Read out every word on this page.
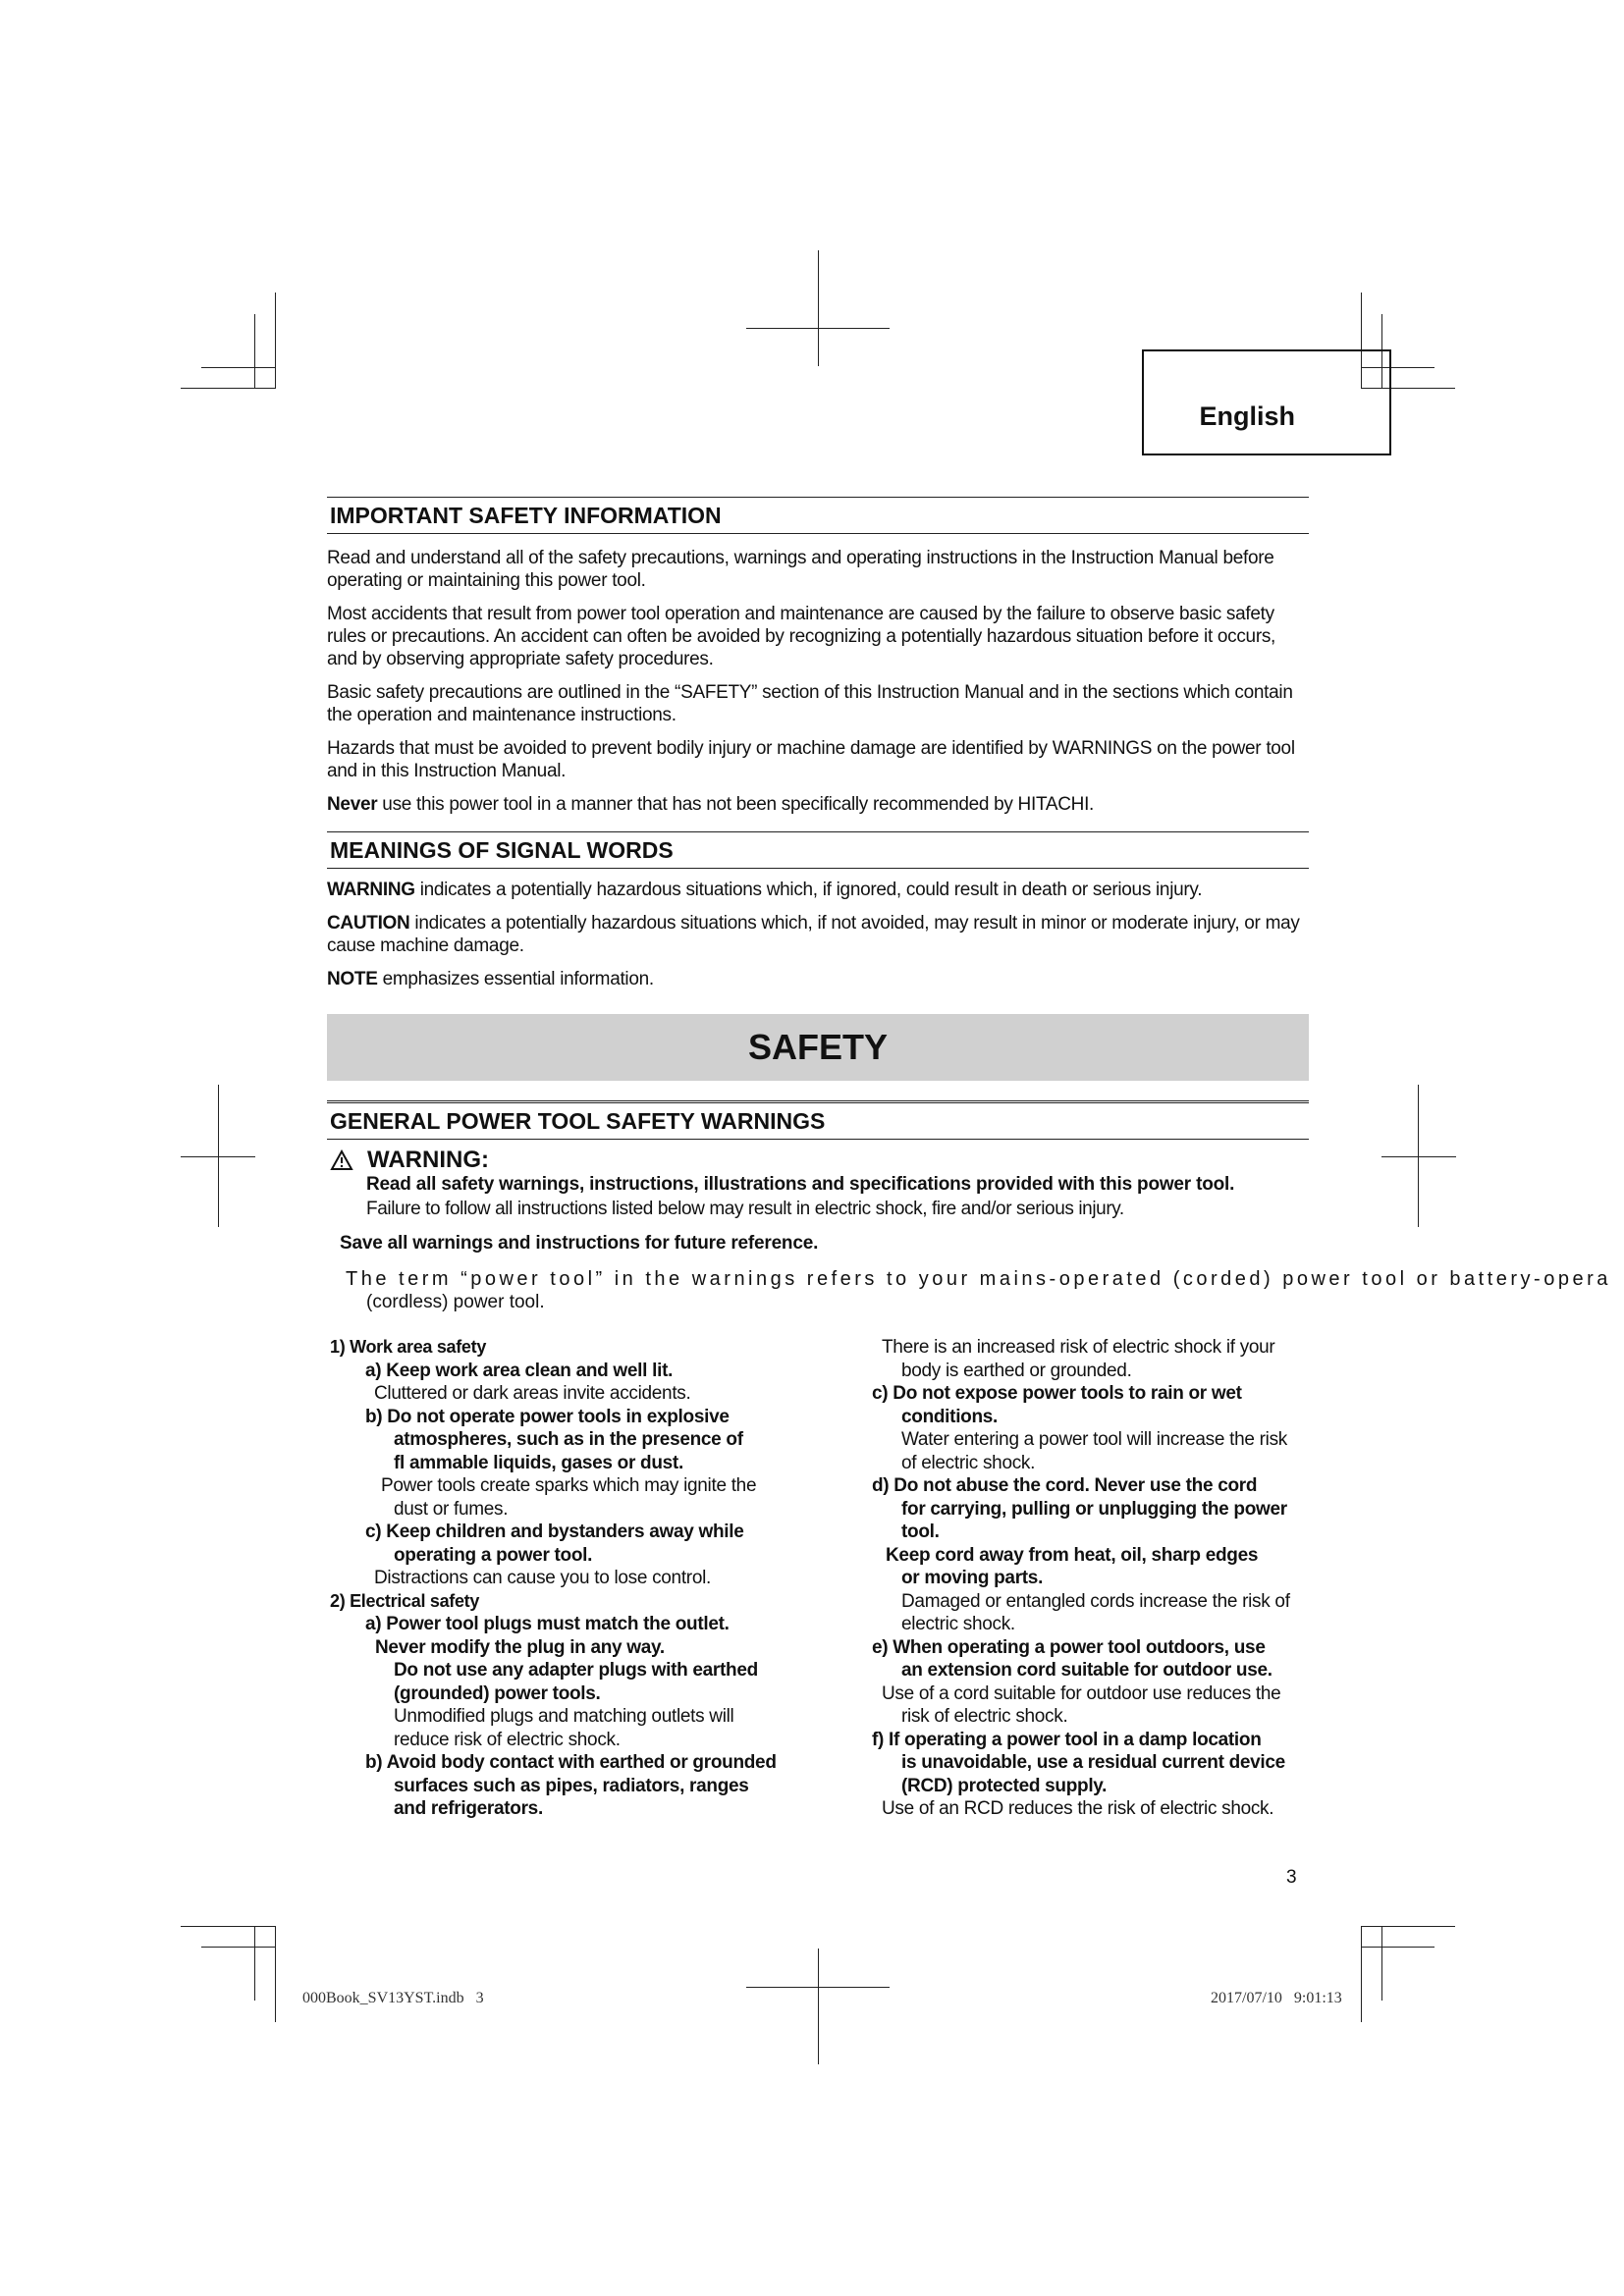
English
IMPORTANT SAFETY INFORMATION

Read and understand all of the safety precautions, warnings and operating instructions in the Instruction Manual before operating or maintaining this power tool.

Most accidents that result from power tool operation and maintenance are caused by the failure to observe basic safety rules or precautions. An accident can often be avoided by recognizing a potentially hazardous situation before it occurs, and by observing appropriate safety procedures.

Basic safety precautions are outlined in the “SAFETY” section of this Instruction Manual and in the sections which contain the operation and maintenance instructions.

Hazards that must be avoided to prevent bodily injury or machine damage are identified by WARNINGS on the power tool and in this Instruction Manual.

Never use this power tool in a manner that has not been specifically recommended by HITACHI.

MEANINGS OF SIGNAL WORDS

WARNING indicates a potentially hazardous situations which, if ignored, could result in death or serious injury.

CAUTION indicates a potentially hazardous situations which, if not avoided, may result in minor or moderate injury, or may cause machine damage.

NOTE emphasizes essential information.

SAFETY
GENERAL POWER TOOL SAFETY WARNINGS
WARNING:
Read all safety warnings, instructions, illustrations and specifications provided with this power tool.
Failure to follow all instructions listed below may result in electric shock, fire and/or serious injury.
Save all warnings and instructions for future reference.
The term “power tool” in the warnings refers to your mains-operated (corded) power tool or battery-opera
(cordless) power tool.
1) Work area safety
a) Keep work area clean and well lit.
Cluttered or dark areas invite accidents.
b) Do not operate power tools in explosive
atmospheres, such as in the presence of
fl ammable liquids, gases or dust.
Power tools create sparks which may ignite the
dust or fumes.
c) Keep children and bystanders away while
operating a power tool.
Distractions can cause you to lose control.
2) Electrical safety
a) Power tool plugs must match the outlet.
Never modify the plug in any way.
Do not use any adapter plugs with earthed
(grounded) power tools.
Unmodified plugs and matching outlets will
reduce risk of electric shock.
b) Avoid body contact with earthed or grounded
surfaces such as pipes, radiators, ranges
and refrigerators.
There is an increased risk of electric shock if your
body is earthed or grounded.
c) Do not expose power tools to rain or wet
conditions.
Water entering a power tool will increase the risk
of electric shock.
d) Do not abuse the cord. Never use the cord
for carrying, pulling or unplugging the power
tool.
Keep cord away from heat, oil, sharp edges
or moving parts.
Damaged or entangled cords increase the risk of
electric shock.
e) When operating a power tool outdoors, use
an extension cord suitable for outdoor use.
Use of a cord suitable for outdoor use reduces the
risk of electric shock.
f) If operating a power tool in a damp location
is unavoidable, use a residual current device
(RCD) protected supply.
Use of an RCD reduces the risk of electric shock.
3
000Book_SV13YST.indb   3	2017/07/10   9:01:13
